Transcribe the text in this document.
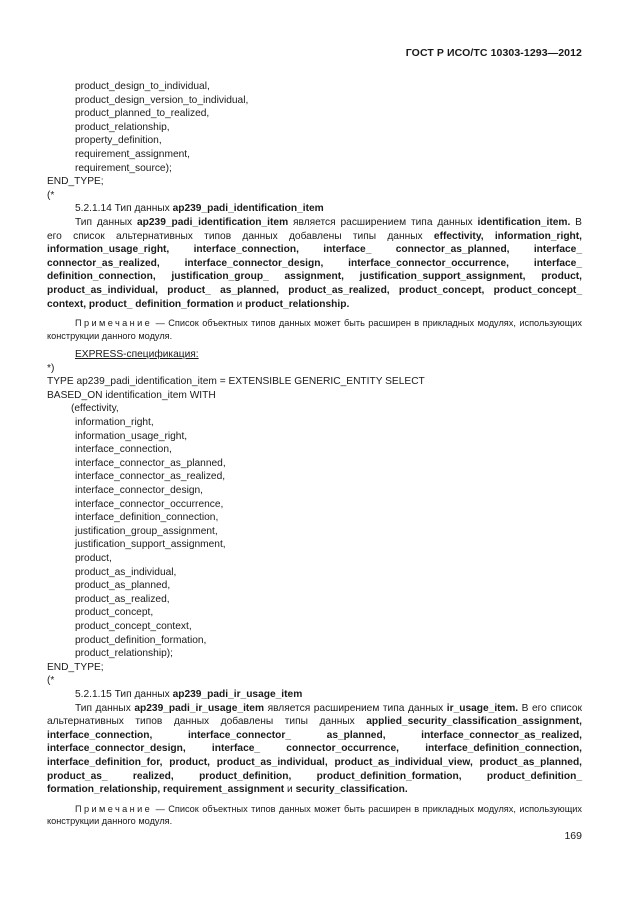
ГОСТ Р ИСО/ТС 10303-1293—2012
product_design_to_individual,
product_design_version_to_individual,
product_planned_to_realized,
product_relationship,
property_definition,
requirement_assignment,
requirement_source);
END_TYPE;
(*
5.2.1.14 Тип данных ap239_padi_identification_item
Тип данных ap239_padi_identification_item является расширением типа данных identification_item. В его список альтернативных типов данных добавлены типы данных effectivity, information_right, information_usage_right, interface_connection, interface_ connector_as_planned, interface_ connector_as_realized, interface_connector_design, interface_connector_occurrence, interface_ definition_connection, justification_group_ assignment, justification_support_assignment, product, product_as_individual, product_ as_planned, product_as_realized, product_concept, product_concept_ context, product_ definition_formation и product_relationship.
Примечание — Список объектных типов данных может быть расширен в прикладных модулях, использующих конструкции данного модуля.
EXPRESS-спецификация:
*)
TYPE ap239_padi_identification_item = EXTENSIBLE GENERIC_ENTITY SELECT
BASED_ON identification_item WITH
(effectivity,
information_right,
information_usage_right,
interface_connection,
interface_connector_as_planned,
interface_connector_as_realized,
interface_connector_design,
interface_connector_occurrence,
interface_definition_connection,
justification_group_assignment,
justification_support_assignment,
product,
product_as_individual,
product_as_planned,
product_as_realized,
product_concept,
product_concept_context,
product_definition_formation,
product_relationship);
END_TYPE;
(*
5.2.1.15 Тип данных ap239_padi_ir_usage_item
Тип данных ap239_padi_ir_usage_item является расширением типа данных ir_usage_item. В его список альтернативных типов данных добавлены типы данных applied_security_classification_assignment, interface_connection, interface_connector_ as_planned, interface_connector_as_realized, interface_connector_design, interface_ connector_occurrence, interface_definition_connection, interface_definition_for, product, product_as_individual, product_as_individual_view, product_as_planned, product_as_ realized, product_definition, product_definition_formation, product_definition_ formation_relationship, requirement_assignment и security_classification.
Примечание — Список объектных типов данных может быть расширен в прикладных модулях, использующих конструкции данного модуля.
169
